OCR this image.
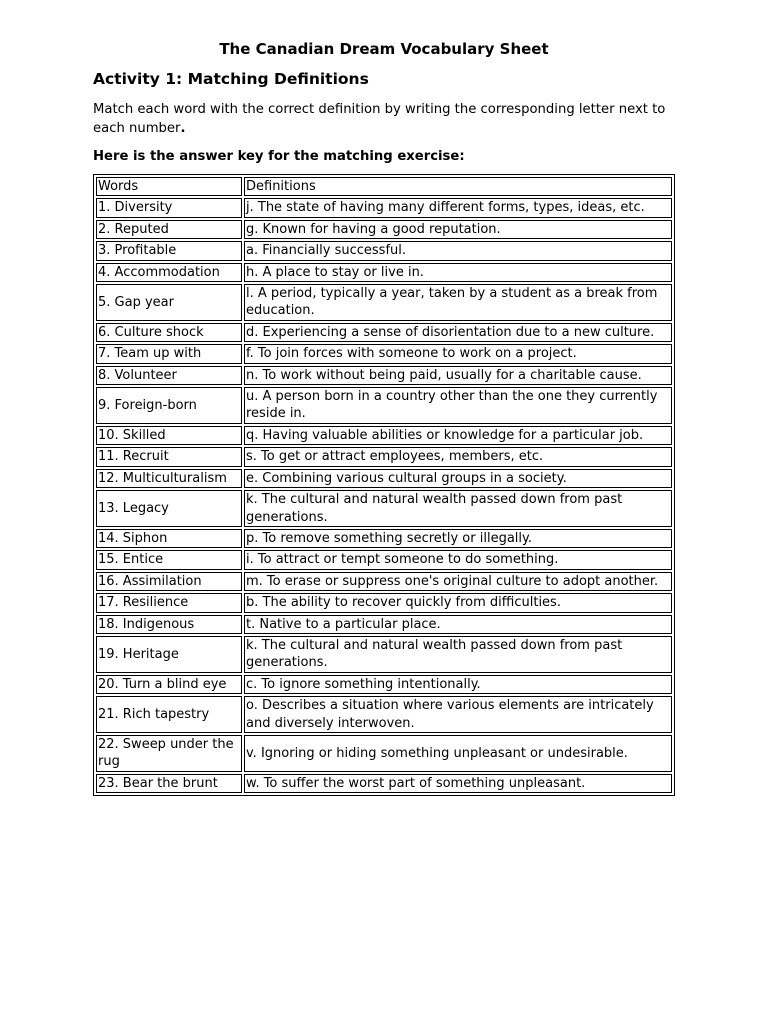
The Canadian Dream Vocabulary Sheet
Activity 1: Matching Definitions

Match each word with the correct definition by writing the corresponding letter next to each number.

Here is the answer key for the matching exercise:
Words	Definitions
1. Diversity	j. The state of having many different forms, types, ideas, etc.
2. Reputed	g. Known for having a good reputation.
3. Profitable	a. Financially successful.
4. Accommodation	h. A place to stay or live in.
5. Gap year	l. A period, typically a year, taken by a student as a break from education.
6. Culture shock	d. Experiencing a sense of disorientation due to a new culture.
7. Team up with	f. To join forces with someone to work on a project.
8. Volunteer	n. To work without being paid, usually for a charitable cause.
9. Foreign-born	u. A person born in a country other than the one they currently reside in.
10. Skilled	q. Having valuable abilities or knowledge for a particular job.
11. Recruit	s. To get or attract employees, members, etc.
12. Multiculturalism	e. Combining various cultural groups in a society.
13. Legacy	k. The cultural and natural wealth passed down from past generations.
14. Siphon	p. To remove something secretly or illegally.
15. Entice	i. To attract or tempt someone to do something.
16. Assimilation	m. To erase or suppress one's original culture to adopt another.
17. Resilience	b. The ability to recover quickly from difficulties.
18. Indigenous	t. Native to a particular place.
19. Heritage	k. The cultural and natural wealth passed down from past generations.
20. Turn a blind eye	c. To ignore something intentionally.
21. Rich tapestry	o. Describes a situation where various elements are intricately and diversely interwoven.
22. Sweep under the rug	v. Ignoring or hiding something unpleasant or undesirable.
23. Bear the brunt	w. To suffer the worst part of something unpleasant.
